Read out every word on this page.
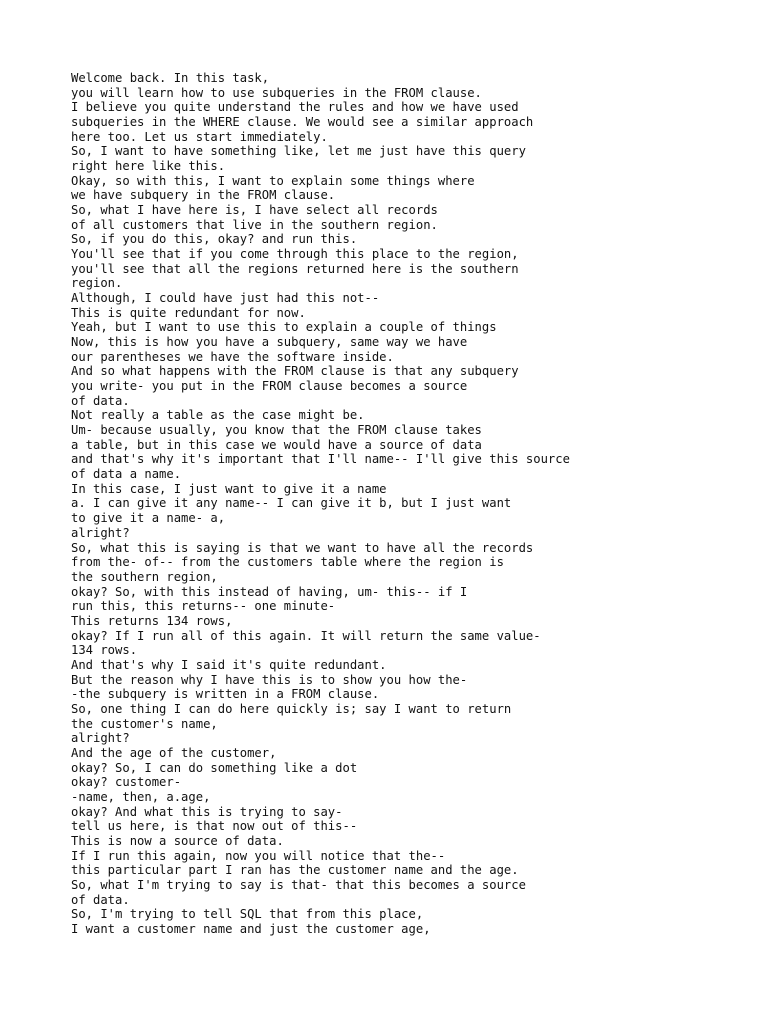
Welcome back. In this task,
you will learn how to use subqueries in the FROM clause.
I believe you quite understand the rules and how we have used
subqueries in the WHERE clause. We would see a similar approach
here too. Let us start immediately.
So, I want to have something like, let me just have this query
right here like this.
Okay, so with this, I want to explain some things where
we have subquery in the FROM clause.
So, what I have here is, I have select all records
of all customers that live in the southern region.
So, if you do this, okay? and run this.
You'll see that if you come through this place to the region,
you'll see that all the regions returned here is the southern
region.
Although, I could have just had this not--
This is quite redundant for now.
Yeah, but I want to use this to explain a couple of things
Now, this is how you have a subquery, same way we have
our parentheses we have the software inside.
And so what happens with the FROM clause is that any subquery
you write- you put in the FROM clause becomes a source
of data.
Not really a table as the case might be.
Um- because usually, you know that the FROM clause takes
a table, but in this case we would have a source of data
and that's why it's important that I'll name-- I'll give this source
of data a name.
In this case, I just want to give it a name
a. I can give it any name-- I can give it b, but I just want
to give it a name- a,
alright?
So, what this is saying is that we want to have all the records
from the- of-- from the customers table where the region is
the southern region,
okay? So, with this instead of having, um- this-- if I
run this, this returns-- one minute-
This returns 134 rows,
okay? If I run all of this again. It will return the same value-
134 rows.
And that's why I said it's quite redundant.
But the reason why I have this is to show you how the-
-the subquery is written in a FROM clause.
So, one thing I can do here quickly is; say I want to return
the customer's name,
alright?
And the age of the customer,
okay? So, I can do something like a dot
okay? customer-
-name, then, a.age,
okay? And what this is trying to say-
tell us here, is that now out of this--
This is now a source of data.
If I run this again, now you will notice that the--
this particular part I ran has the customer name and the age.
So, what I'm trying to say is that- that this becomes a source
of data.
So, I'm trying to tell SQL that from this place,
I want a customer name and just the customer age,
